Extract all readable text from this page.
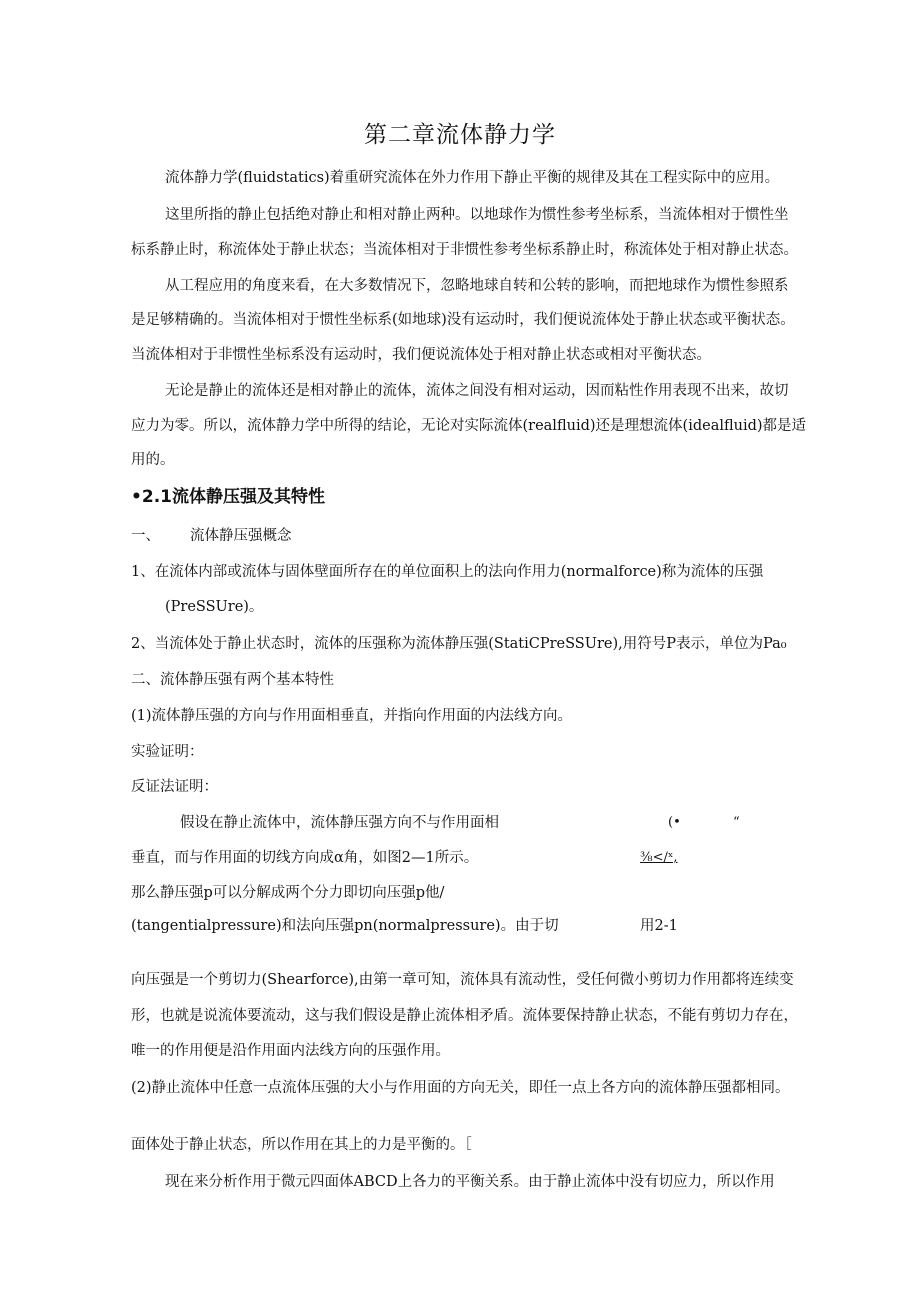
第二章流体静力学
流体静力学(fluidstatics)着重研究流体在外力作用下静止平衡的规律及其在工程实际中的应用。
这里所指的静止包括绝对静止和相对静止两种。以地球作为惯性参考坐标系，当流体相对于惯性坐
标系静止时，称流体处于静止状态；当流体相对于非惯性参考坐标系静止时，称流体处于相对静止状态。
从工程应用的角度来看，在大多数情况下，忽略地球自转和公转的影响，而把地球作为惯性参照系
是足够精确的。当流体相对于惯性坐标系(如地球)没有运动时，我们便说流体处于静止状态或平衡状态。
当流体相对于非惯性坐标系没有运动时，我们便说流体处于相对静止状态或相对平衡状态。
无论是静止的流体还是相对静止的流体，流体之间没有相对运动，因而粘性作用表现不出来，故切
应力为零。所以，流体静力学中所得的结论，无论对实际流体(realfluid)还是理想流体(idealfluid)都是适
用的。
•2.1流体静压强及其特性
一、 流体静压强概念
1、在流体内部或流体与固体壁面所存在的单位面积上的法向作用力(normalforce)称为流体的压强
(PreSSUre)。
2、当流体处于静止状态时，流体的压强称为流体静压强(StatiCPreSSUre),用符号P表示，单位为Pa₀
二、流体静压强有两个基本特性
(1)流体静压强的方向与作用面相垂直，并指向作用面的内法线方向。
实验证明：
反证法证明：
假设在静止流体中，流体静压强方向不与作用面相
垂直，而与作用面的切线方向成α角，如图2—1所示。
那么静压强p可以分解成两个分力即切向压强p他/
(tangentialpressure)和法向压强pn(normalpressure)。由于切
(•	“
⅜<∕ˣ,
用2-1
向压强是一个剪切力(Shearforce),由第一章可知，流体具有流动性，受任何微小剪切力作用都将连续变
形，也就是说流体要流动，这与我们假设是静止流体相矛盾。流体要保持静止状态，不能有剪切力存在，
唯一的作用便是沿作用面内法线方向的压强作用。
(2)静止流体中任意一点流体压强的大小与作用面的方向无关，即任一点上各方向的流体静压强都相同。
面体处于静止状态，所以作用在其上的力是平衡的。［
现在来分析作用于微元四面体ABCD上各力的平衡关系。由于静止流体中没有切应力，所以作用
